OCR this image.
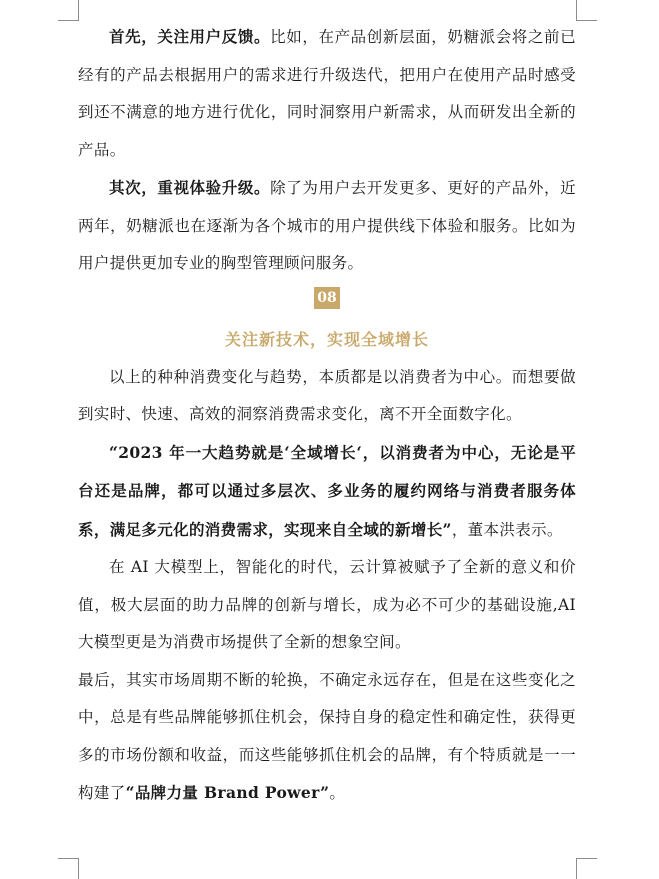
首先，关注用户反馈。比如，在产品创新层面，奶糖派会将之前已经有的产品去根据用户的需求进行升级迭代，把用户在使用产品时感受到还不满意的地方进行优化，同时洞察用户新需求，从而研发出全新的产品。

其次，重视体验升级。除了为用户去开发更多、更好的产品外，近两年，奶糖派也在逐渐为各个城市的用户提供线下体验和服务。比如为用户提供更加专业的胸型管理顾问服务。

08
关注新技术，实现全域增长

以上的种种消费变化与趋势，本质都是以消费者为中心。而想要做到实时、快速、高效的洞察消费需求变化，离不开全面数字化。

“2023 年一大趋势就是‘全域增长‘，以消费者为中心，无论是平台还是品牌，都可以通过多层次、多业务的履约网络与消费者服务体系，满足多元化的消费需求，实现来自全域的新增长”，董本洪表示。

在 AI 大模型上，智能化的时代，云计算被赋予了全新的意义和价值，极大层面的助力品牌的创新与增长，成为必不可少的基础设施,AI 大模型更是为消费市场提供了全新的想象空间。

最后，其实市场周期不断的轮换，不确定永远存在，但是在这些变化之中，总是有些品牌能够抓住机会，保持自身的稳定性和确定性，获得更多的市场份额和收益，而这些能够抓住机会的品牌，有个特质就是一一构建了“品牌力量 Brand Power”。
